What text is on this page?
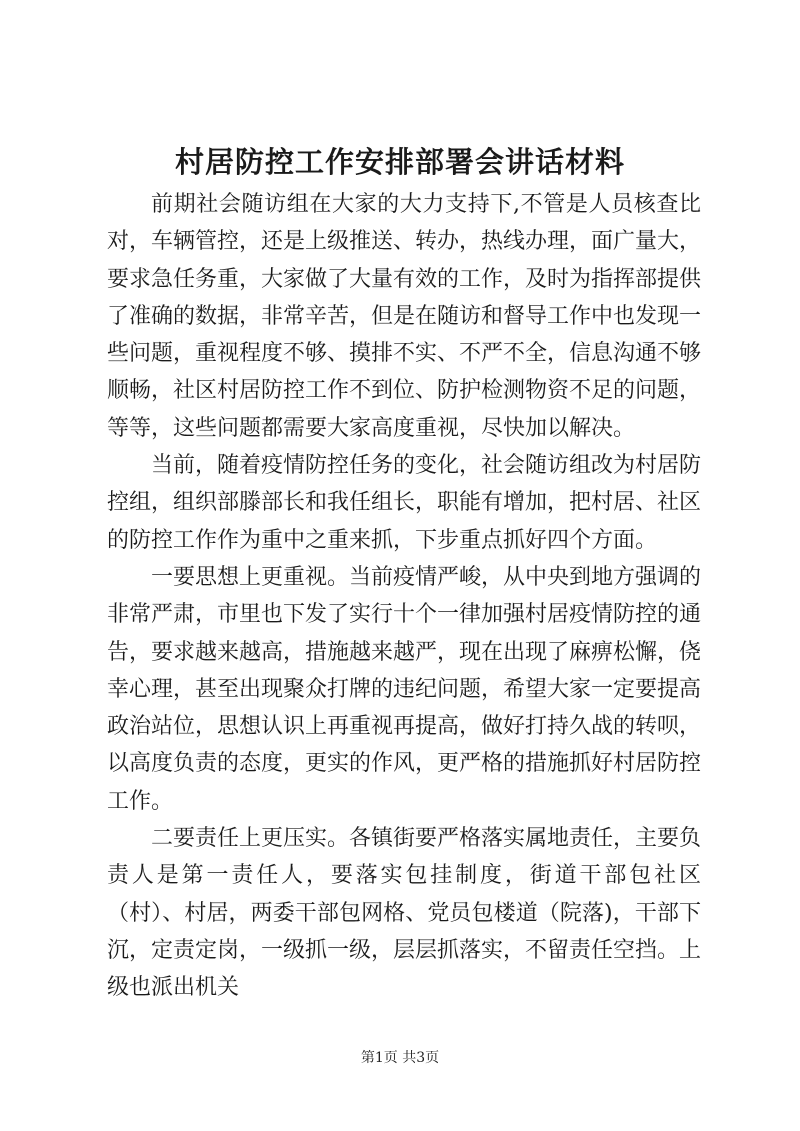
村居防控工作安排部署会讲话材料

前期社会随访组在大家的大力支持下,不管是人员核查比对，车辆管控，还是上级推送、转办，热线办理，面广量大，要求急任务重，大家做了大量有效的工作，及时为指挥部提供了准确的数据，非常辛苦，但是在随访和督导工作中也发现一些问题，重视程度不够、摸排不实、不严不全，信息沟通不够顺畅，社区村居防控工作不到位、防护检测物资不足的问题，等等，这些问题都需要大家高度重视，尽快加以解决。

当前，随着疫情防控任务的变化，社会随访组改为村居防控组，组织部滕部长和我任组长，职能有增加，把村居、社区的防控工作作为重中之重来抓，下步重点抓好四个方面。

一要思想上更重视。当前疫情严峻，从中央到地方强调的非常严肃，市里也下发了实行十个一律加强村居疫情防控的通告，要求越来越高，措施越来越严，现在出现了麻痹松懈，侥幸心理，甚至出现聚众打牌的违纪问题，希望大家一定要提高政治站位，思想认识上再重视再提高，做好打持久战的转呗，以高度负责的态度，更实的作风，更严格的措施抓好村居防控工作。

二要责任上更压实。各镇街要严格落实属地责任，主要负责人是第一责任人，要落实包挂制度，街道干部包社区（村）、村居，两委干部包网格、党员包楼道（院落)，干部下沉，定责定岗，一级抓一级，层层抓落实，不留责任空挡。上级也派出机关

第1页 共3页
